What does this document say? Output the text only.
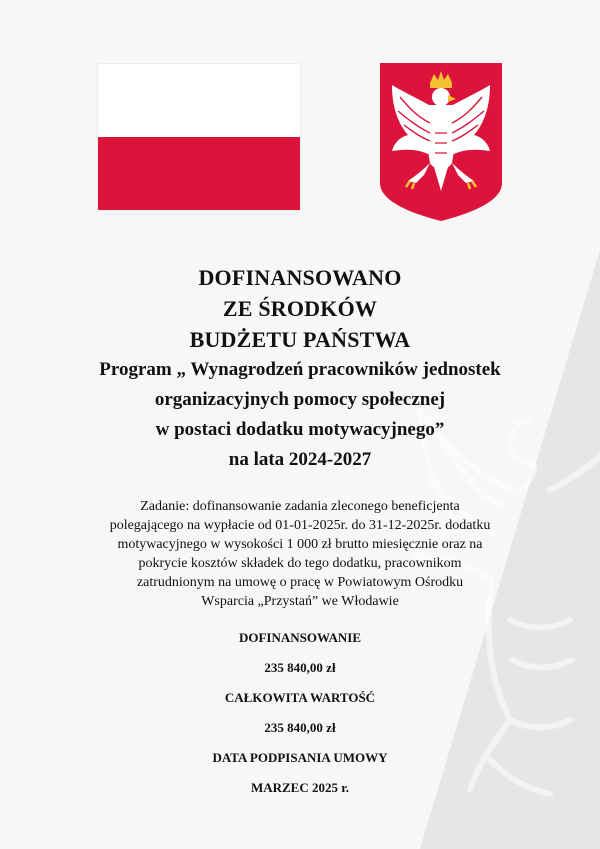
DOFINANSOWANO
ZE ŚRODKÓW
BUDŻETU PAŃSTWA
Program „ Wynagrodzeń pracowników jednostek
organizacyjnych pomocy społecznej
w postaci dodatku motywacyjnego”
na lata 2024-2027
Zadanie: dofinansowanie zadania zleconego beneficjenta
polegającego na wypłacie od 01-01-2025r. do 31-12-2025r. dodatku
motywacyjnego w wysokości 1 000 zł brutto miesięcznie oraz na
pokrycie kosztów składek do tego dodatku, pracownikom
zatrudnionym na umowę o pracę w Powiatowym Ośrodku
Wsparcia „Przystań” we Włodawie
DOFINANSOWANIE
235 840,00 zł
CAŁKOWITA WARTOŚĆ
235 840,00 zł
DATA PODPISANIA UMOWY
MARZEC 2025 r.
